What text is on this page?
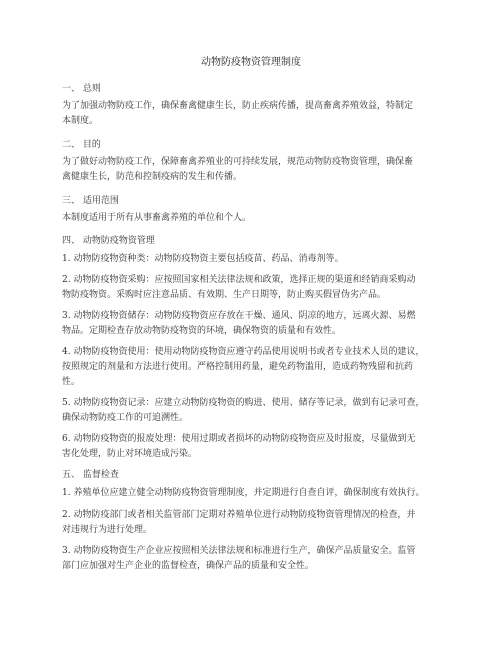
动物防疫物资管理制度
一、 总则
为了加强动物防疫工作，确保畜禽健康生长，防止疾病传播，提高畜禽养殖效益，特制定
本制度。
二、 目的
为了做好动物防疫工作，保障畜禽养殖业的可持续发展，规范动物防疫物资管理，确保畜
禽健康生长，防范和控制疫病的发生和传播。
三、 适用范围
本制度适用于所有从事畜禽养殖的单位和个人。
四、 动物防疫物资管理
1. 动物防疫物资种类：动物防疫物资主要包括疫苗、药品、消毒剂等。
2. 动物防疫物资采购：应按照国家相关法律法规和政策，选择正规的渠道和经销商采购动
物防疫物资。采购时应注意品质、有效期、生产日期等，防止购买假冒伪劣产品。
3. 动物防疫物资储存：动物防疫物资应存放在干燥、通风、阴凉的地方，远离火源、易燃
物品。定期检查存放动物防疫物资的环境，确保物资的质量和有效性。
4. 动物防疫物资使用：使用动物防疫物资应遵守药品使用说明书或者专业技术人员的建议，
按照规定的剂量和方法进行使用。严格控制用药量，避免药物滥用，造成药物残留和抗药
性。
5. 动物防疫物资记录：应建立动物防疫物资的购进、使用、储存等记录，做到有记录可查，
确保动物防疫工作的可追溯性。
6. 动物防疫物资的报废处理：使用过期或者损坏的动物防疫物资应及时报废，尽量做到无
害化处理，防止对环境造成污染。
五、 监督检查
1. 养殖单位应建立健全动物防疫物资管理制度，并定期进行自查自评，确保制度有效执行。
2. 动物防疫部门或者相关监管部门定期对养殖单位进行动物防疫物资管理情况的检查，并
对违规行为进行处理。
3. 动物防疫物资生产企业应按照相关法律法规和标准进行生产，确保产品质量安全。监管
部门应加强对生产企业的监督检查，确保产品的质量和安全性。
